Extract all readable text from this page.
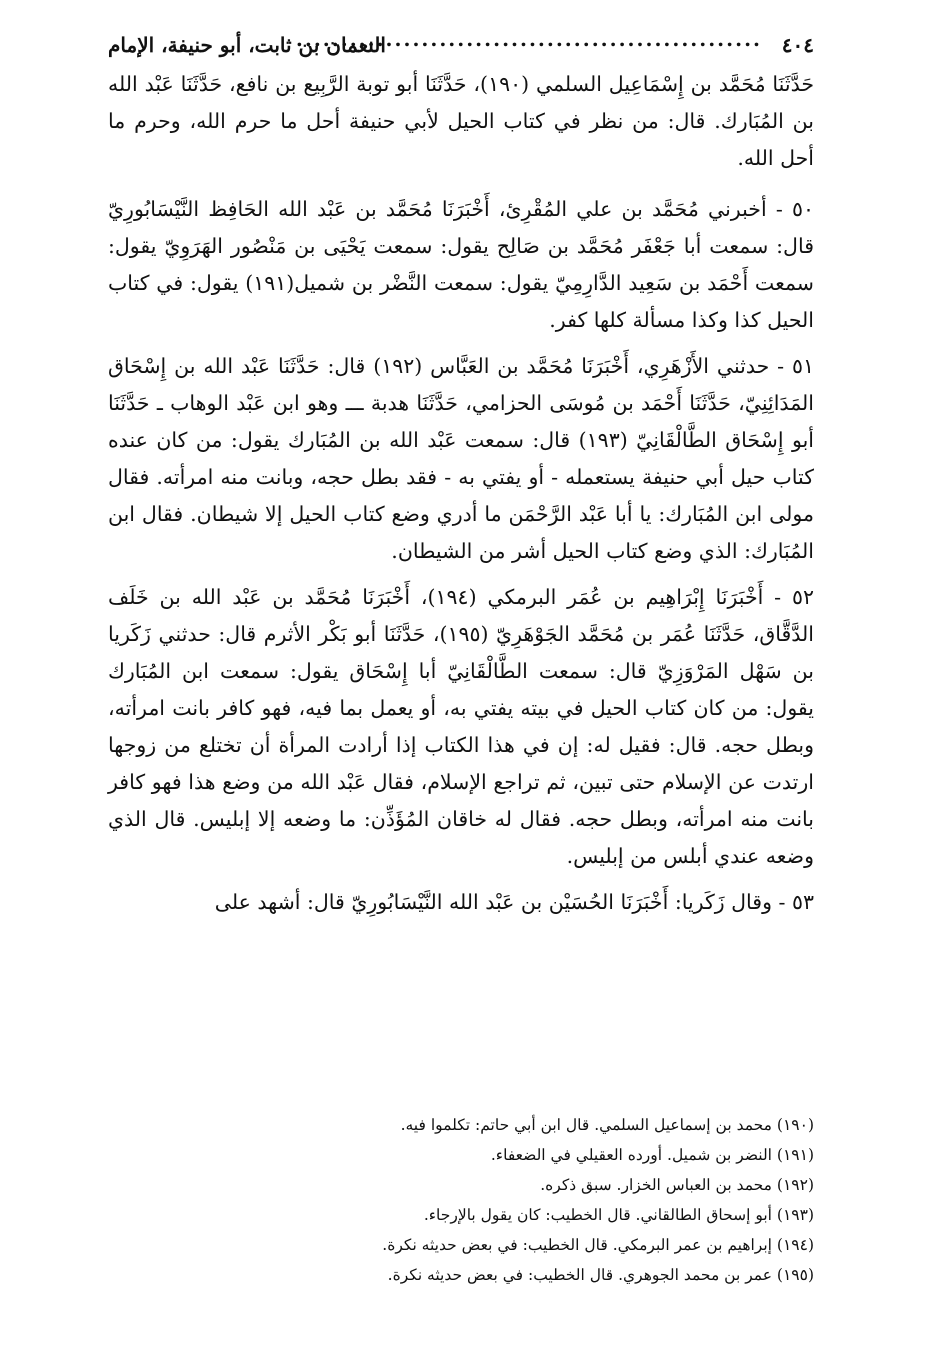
٤٠٤
....................................................
النعمان بن ثابت، أبو حنيفة، الإمام

حَدَّثَنَا مُحَمَّد بن إِسْمَاعِيل السلمي (١٩٠)، حَدَّثَنَا أبو توبة الرَّبِيع بن نافع، حَدَّثَنَا عَبْد الله بن المُبَارك. قال: من نظر في كتاب الحيل لأبي حنيفة أحل ما حرم الله، وحرم ما أحل الله.

٥٠ - أخبرني مُحَمَّد بن علي المُقْرِئ، أَخْبَرَنَا مُحَمَّد بن عَبْد الله الحَافِظ النَّيْسَابُورِيّ قال: سمعت أبا جَعْفَر مُحَمَّد بن صَالِح يقول: سمعت يَحْيَى بن مَنْصُور الهَرَوِيّ يقول: سمعت أَحْمَد بن سَعِيد الدَّارِمِيّ يقول: سمعت النَّضْر بن شميل(١٩١) يقول: في كتاب الحيل كذا وكذا مسألة كلها كفر.

٥١ - حدثني الأَزْهَرِي، أَخْبَرَنَا مُحَمَّد بن العَبَّاس (١٩٢) قال: حَدَّثَنَا عَبْد الله بن إِسْحَاق المَدَائِنِيّ، حَدَّثَنَا أَحْمَد بن مُوسَى الحزامي، حَدَّثَنَا هدبة ـــ وهو ابن عَبْد الوهاب ـ حَدَّثَنَا أبو إِسْحَاق الطَّالْقَانِيّ (١٩٣) قال: سمعت عَبْد الله بن المُبَارك يقول: من كان عنده كتاب حيل أبي حنيفة يستعمله - أو يفتي به - فقد بطل حجه، وبانت منه امرأته. فقال مولى ابن المُبَارك: يا أبا عَبْد الرَّحْمَن ما أدري وضع كتاب الحيل إلا شيطان. فقال ابن المُبَارك: الذي وضع كتاب الحيل أشر من الشيطان.

٥٢ - أَخْبَرَنَا إِبْرَاهِيم بن عُمَر البرمكي (١٩٤)، أَخْبَرَنَا مُحَمَّد بن عَبْد الله بن خَلَف الدَّقَّاق، حَدَّثَنَا عُمَر بن مُحَمَّد الجَوْهَرِيّ (١٩٥)، حَدَّثَنَا أبو بَكْر الأثرم قال: حدثني زَكَريا بن سَهْل المَرْوَزِيّ قال: سمعت الطَّالْقَانِيّ أبا إِسْحَاق يقول: سمعت ابن المُبَارك يقول: من كان كتاب الحيل في بيته يفتي به، أو يعمل بما فيه، فهو كافر بانت امرأته، وبطل حجه. قال: فقيل له: إن في هذا الكتاب إذا أرادت المرأة أن تختلع من زوجها ارتدت عن الإسلام حتى تبين، ثم تراجع الإسلام، فقال عَبْد الله من وضع هذا فهو كافر بانت منه امرأته، وبطل حجه. فقال له خاقان المُؤَذِّن: ما وضعه إلا إبليس. قال الذي وضعه عندي أبلس من إبليس.

٥٣ - وقال زَكَريا: أَخْبَرَنَا الحُسَيْن بن عَبْد الله النَّيْسَابُورِيّ قال: أشهد على

(١٩٠) محمد بن إسماعيل السلمي. قال ابن أبي حاتم: تكلموا فيه.
(١٩١) النضر بن شميل. أورده العقيلي في الضعفاء.
(١٩٢) محمد بن العباس الخزار. سبق ذكره.
(١٩٣) أبو إسحاق الطالقاني. قال الخطيب: كان يقول بالإرجاء.
(١٩٤) إبراهيم بن عمر البرمكي. قال الخطيب: في بعض حديثه نكرة.
(١٩٥) عمر بن محمد الجوهري. قال الخطيب: في بعض حديثه نكرة.
